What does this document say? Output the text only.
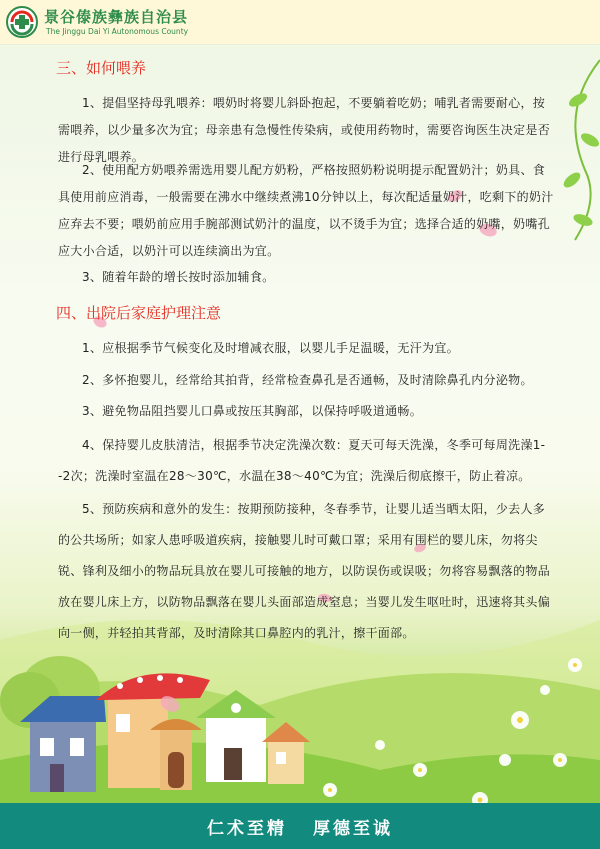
景谷傣族彝族自治县
The Jinggu Dai Yi Autonomous County
三、如何喂养
1、提倡坚持母乳喂养：喂奶时将婴儿斜卧抱起，不要躺着吃奶；哺乳者需要耐心，按需喂养，以少量多次为宜；母亲患有急慢性传染病，或使用药物时，需要咨询医生决定是否进行母乳喂养。
2、使用配方奶喂养需选用婴儿配方奶粉，严格按照奶粉说明提示配置奶汁；奶具、食具使用前应消毒，一般需要在沸水中继续煮沸10分钟以上，每次配适量奶汁，吃剩下的奶汁应弃去不要；喂奶前应用手腕部测试奶汁的温度，以不烫手为宜；选择合适的奶嘴，奶嘴孔应大小合适，以奶汁可以连续滴出为宜。
3、随着年龄的增长按时添加辅食。
四、出院后家庭护理注意
1、应根据季节气候变化及时增减衣服，以婴儿手足温暖，无汗为宜。
2、多怀抱婴儿，经常给其拍背，经常检查鼻孔是否通畅，及时清除鼻孔内分泌物。
3、避免物品阻挡婴儿口鼻或按压其胸部，以保持呼吸道通畅。
4、保持婴儿皮肤清洁，根据季节决定洗澡次数：夏天可每天洗澡，冬季可每周洗澡1--2次；洗澡时室温在28～30℃，水温在38～40℃为宜；洗澡后彻底擦干，防止着凉。
5、预防疾病和意外的发生：按期预防接种，冬春季节，让婴儿适当晒太阳，少去人多的公共场所；如家人患呼吸道疾病，接触婴儿时可戴口罩；采用有围栏的婴儿床，勿将尖锐、锋利及细小的物品玩具放在婴儿可接触的地方，以防误伤或误吸；勿将容易飘落的物品放在婴儿床上方，以防物品飘落在婴儿头面部造成窒息；当婴儿发生呕吐时，迅速将其头偏向一侧，并轻拍其背部，及时清除其口鼻腔内的乳汁，擦干面部。
仁术至精 厚德至诚
